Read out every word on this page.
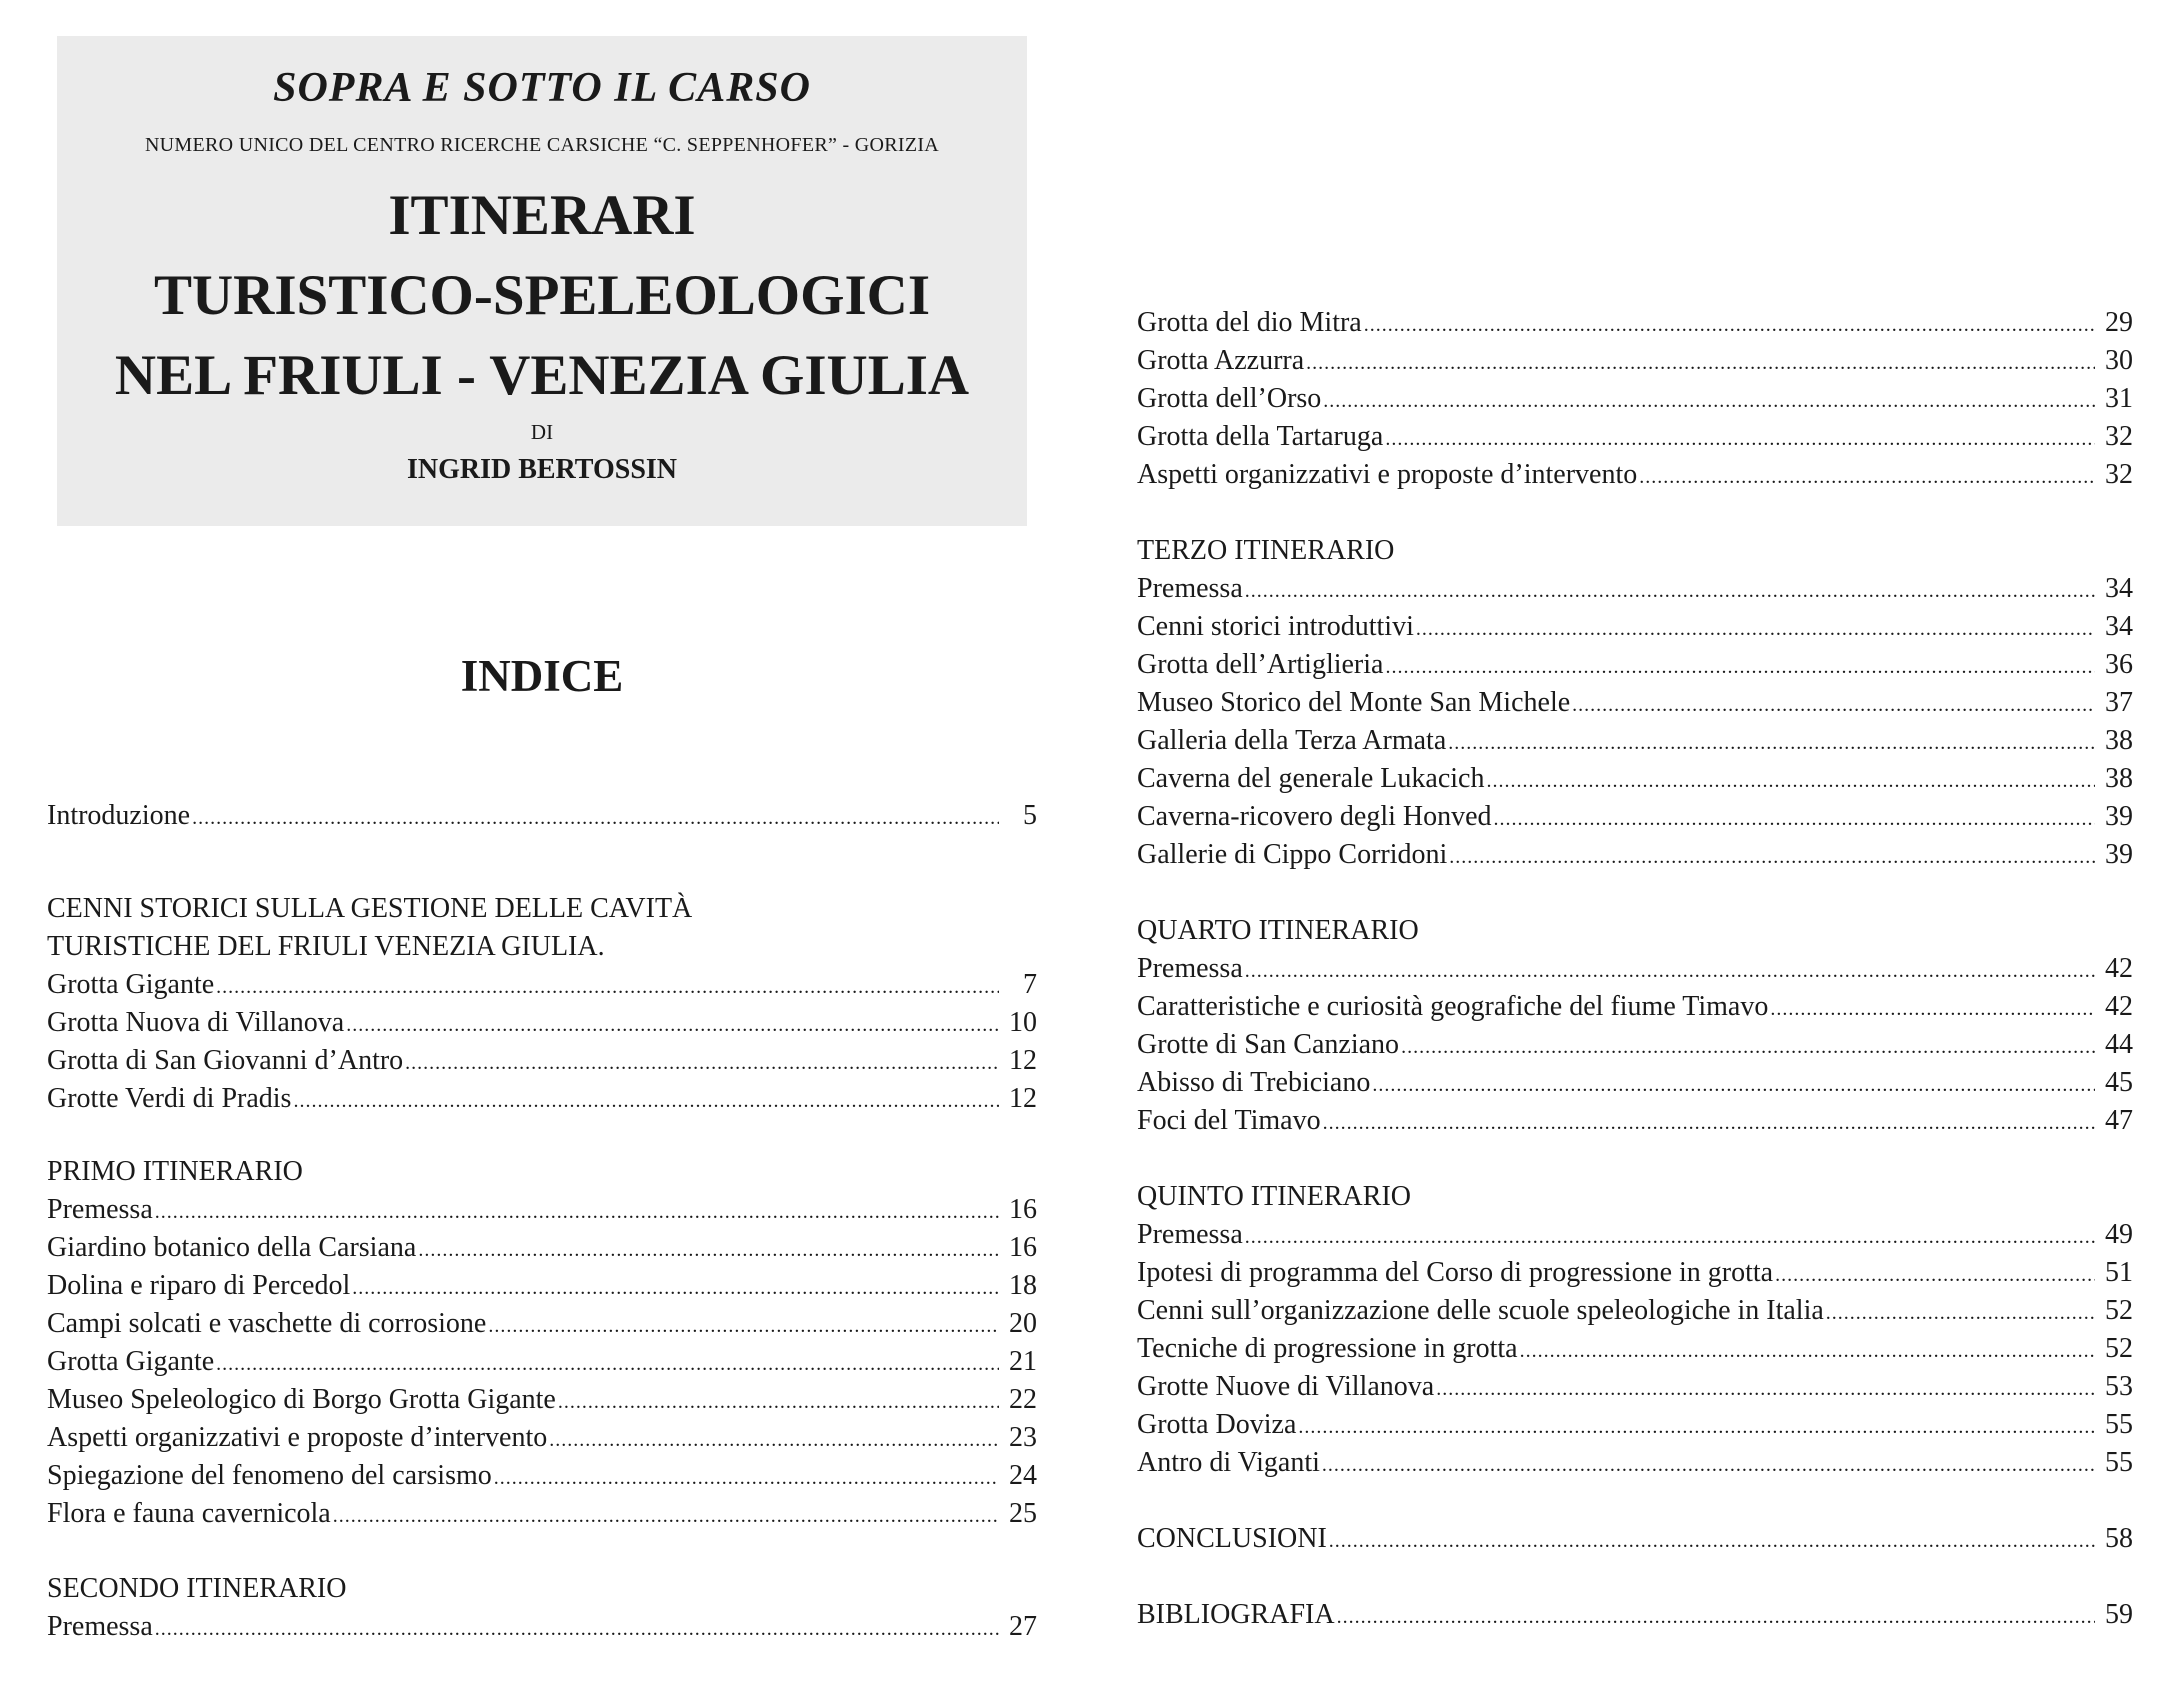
SOPRA E SOTTO IL CARSO
NUMERO UNICO DEL CENTRO RICERCHE CARSICHE “C. SEPPENHOFER” - GORIZIA
ITINERARI
TURISTICO-SPELEOLOGICI
NEL FRIULI - VENEZIA GIULIA
DI
INGRID BERTOSSIN
INDICE
Introduzione .....	5
CENNI STORICI SULLA GESTIONE DELLE CAVITÀ
TURISTICHE DEL FRIULI VENEZIA GIULIA.
Grotta Gigante .....	7
Grotta Nuova di Villanova .....	10
Grotta di San Giovanni d’Antro .....	12
Grotte Verdi di Pradis .....	12
PRIMO ITINERARIO
Premessa .....	16
Giardino botanico della Carsiana .....	16
Dolina e riparo di Percedol .....	18
Campi solcati e vaschette di corrosione .....	20
Grotta Gigante .....	21
Museo Speleologico di Borgo Grotta Gigante .....	22
Aspetti organizzativi e proposte d’intervento .....	23
Spiegazione del fenomeno del carsismo .....	24
Flora e fauna cavernicola .....	25
SECONDO ITINERARIO
Premessa .....	27
Grotta del dio Mitra .....	29
Grotta Azzurra .....	30
Grotta dell’Orso .....	31
Grotta della Tartaruga .....	32
Aspetti organizzativi e proposte d’intervento .....	32
TERZO ITINERARIO
Premessa .....	34
Cenni storici introduttivi .....	34
Grotta dell’Artiglieria .....	36
Museo Storico del Monte San Michele .....	37
Galleria della Terza Armata .....	38
Caverna del generale Lukacich .....	38
Caverna-ricovero degli Honved .....	39
Gallerie di Cippo Corridoni .....	39
QUARTO ITINERARIO
Premessa .....	42
Caratteristiche e curiosità geografiche del fiume Timavo .....	42
Grotte di San Canziano .....	44
Abisso di Trebiciano .....	45
Foci del Timavo .....	47
QUINTO ITINERARIO
Premessa .....	49
Ipotesi di programma del Corso di progressione in grotta .....	51
Cenni sull’organizzazione delle scuole speleologiche in Italia .....	52
Tecniche di progressione in grotta .....	52
Grotte Nuove di Villanova .....	53
Grotta Doviza .....	55
Antro di Viganti .....	55
CONCLUSIONI .....	58
BIBLIOGRAFIA .....	59
